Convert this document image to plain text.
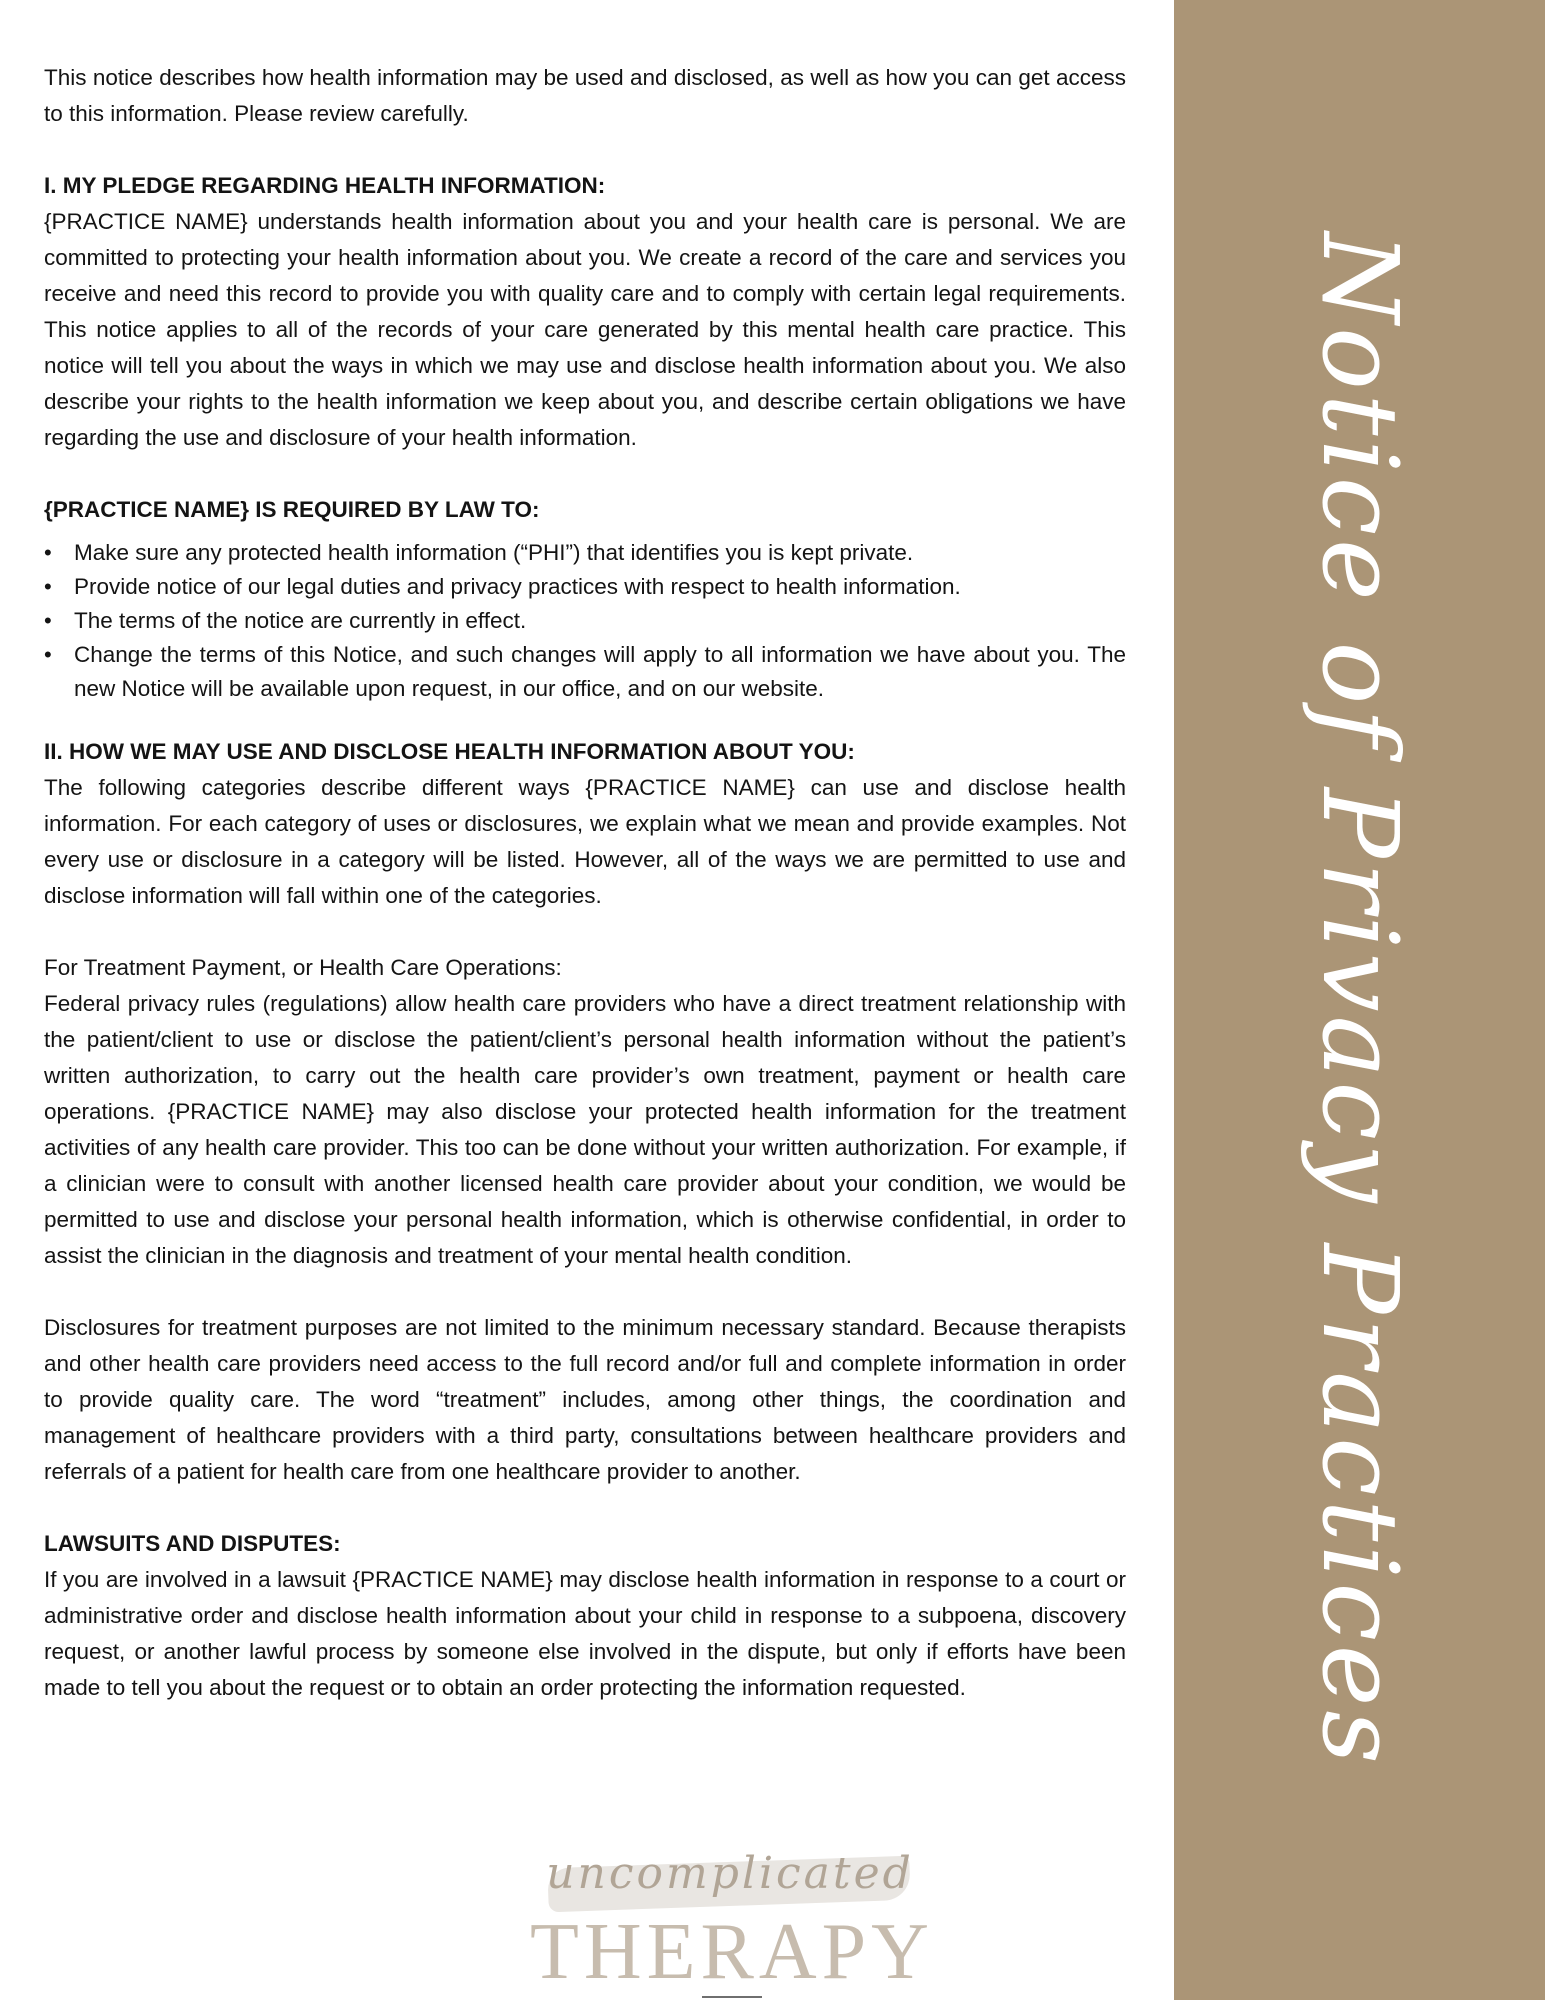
This notice describes how health information may be used and disclosed, as well as how you can get access to this information. Please review carefully.

I. MY PLEDGE REGARDING HEALTH INFORMATION:

{PRACTICE NAME} understands health information about you and your health care is personal. We are committed to protecting your health information about you. We create a record of the care and services you receive and need this record to provide you with quality care and to comply with certain legal requirements. This notice applies to all of the records of your care generated by this mental health care practice. This notice will tell you about the ways in which we may use and disclose health information about you. We also describe your rights to the health information we keep about you, and describe certain obligations we have regarding the use and disclosure of your health information.

{PRACTICE NAME} IS REQUIRED BY LAW TO:

• Make sure any protected health information (“PHI”) that identifies you is kept private.
• Provide notice of our legal duties and privacy practices with respect to health information.
• The terms of the notice are currently in effect.
• Change the terms of this Notice, and such changes will apply to all information we have about you. The new Notice will be available upon request, in our office, and on our website.

II. HOW WE MAY USE AND DISCLOSE HEALTH INFORMATION ABOUT YOU:

The following categories describe different ways {PRACTICE NAME} can use and disclose health information. For each category of uses or disclosures, we explain what we mean and provide examples. Not every use or disclosure in a category will be listed. However, all of the ways we are permitted to use and disclose information will fall within one of the categories.

For Treatment Payment, or Health Care Operations:

Federal privacy rules (regulations) allow health care providers who have a direct treatment relationship with the patient/client to use or disclose the patient/client’s personal health information without the patient’s written authorization, to carry out the health care provider’s own treatment, payment or health care operations. {PRACTICE NAME} may also disclose your protected health information for the treatment activities of any health care provider. This too can be done without your written authorization. For example, if a clinician were to consult with another licensed health care provider about your condition, we would be permitted to use and disclose your personal health information, which is otherwise confidential, in order to assist the clinician in the diagnosis and treatment of your mental health condition.

Disclosures for treatment purposes are not limited to the minimum necessary standard. Because therapists and other health care providers need access to the full record and/or full and complete information in order to provide quality care. The word “treatment” includes, among other things, the coordination and management of healthcare providers with a third party, consultations between healthcare providers and referrals of a patient for health care from one healthcare provider to another.

LAWSUITS AND DISPUTES:

If you are involved in a lawsuit {PRACTICE NAME} may disclose health information in response to a court or administrative order and disclose health information about your child in response to a subpoena, discovery request, or another lawful process by someone else involved in the dispute, but only if efforts have been made to tell you about the request or to obtain an order protecting the information requested.

uncomplicated
THERAPY
Notice of Privacy Practices
